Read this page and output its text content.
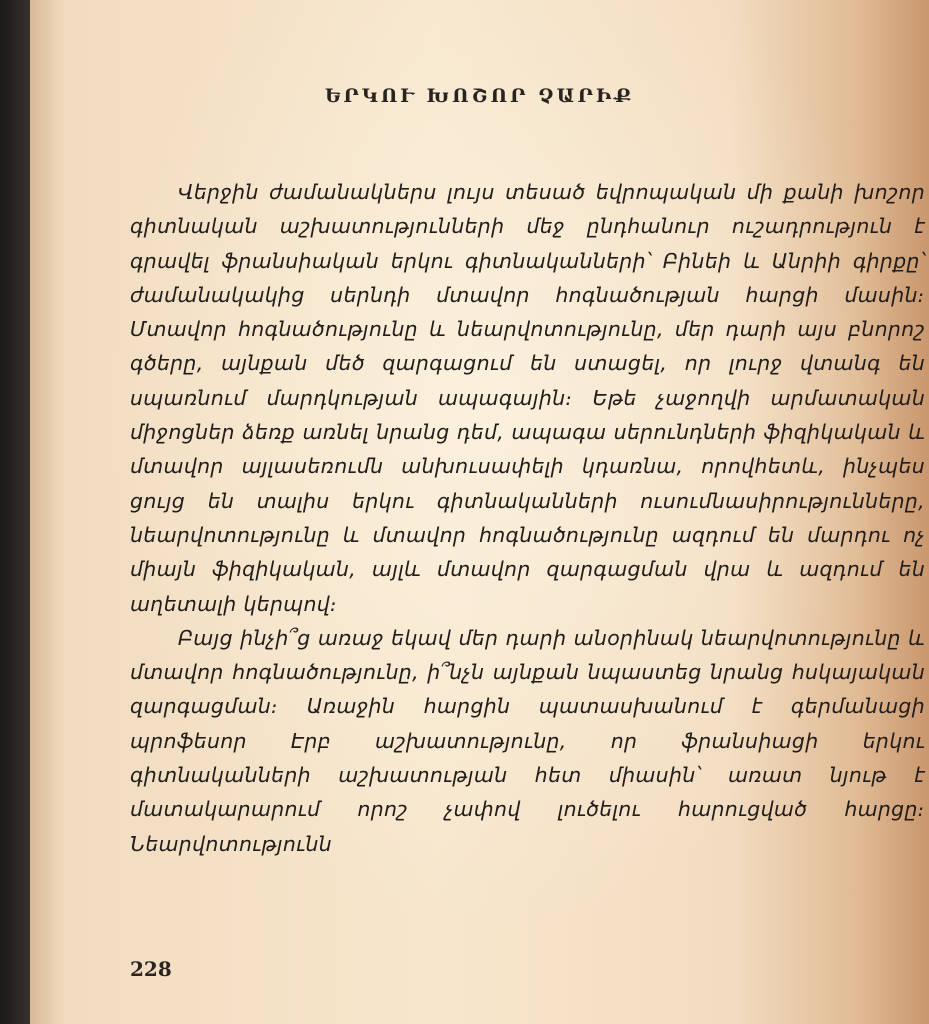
ԵՐԿՈՒ ԽՈՇՈՐ ՉԱՐԻՔ

Վերջին ժամանակներս լույս տեսած եվրոպական մի քանի խոշոր գիտնական աշխատությունների մեջ ընդհանուր ուշադրություն է գրավել ֆրանսիական երկու գիտնականների՝ Բինեի և Անրիի գիրքը՝ ժամանակակից սերնդի մտավոր հոգնածության հարցի մասին։ Մտավոր հոգնածությունը և նեարվոտությունը, մեր դարի այս բնորոշ գծերը, այնքան մեծ զարգացում են ստացել, որ լուրջ վտանգ են սպառնում մարդկության ապագային։ Եթե չաջողվի արմատական միջոցներ ձեռք առնել նրանց դեմ, ապագա սերունդների ֆիզիկական և մտավոր այլասեռումն անխուսափելի կդառնա, որովհետև, ինչպես ցույց են տալիս երկու գիտնականների ուսումնասիրությունները, նեարվոտությունը և մտավոր հոգնածությունը ազդում են մարդու ոչ միայն ֆիզիկական, այլև մտավոր զարգացման վրա և ազդում են աղետալի կերպով։

Բայց ինչի՞ց առաջ եկավ մեր դարի անօրինակ նեարվոտությունը և մտավոր հոգնածությունը, ի՞նչն այնքան նպաստեց նրանց հսկայական զարգացման։ Առաջին հարցին պատասխանում է գերմանացի պրոֆեսոր Էրբ աշխատությունը, որ ֆրանսիացի երկու գիտնականների աշխատության հետ միասին՝ առատ նյութ է մատակարարում որոշ չափով լուծելու հարուցված հարցը։ Նեարվոտությունն

228
